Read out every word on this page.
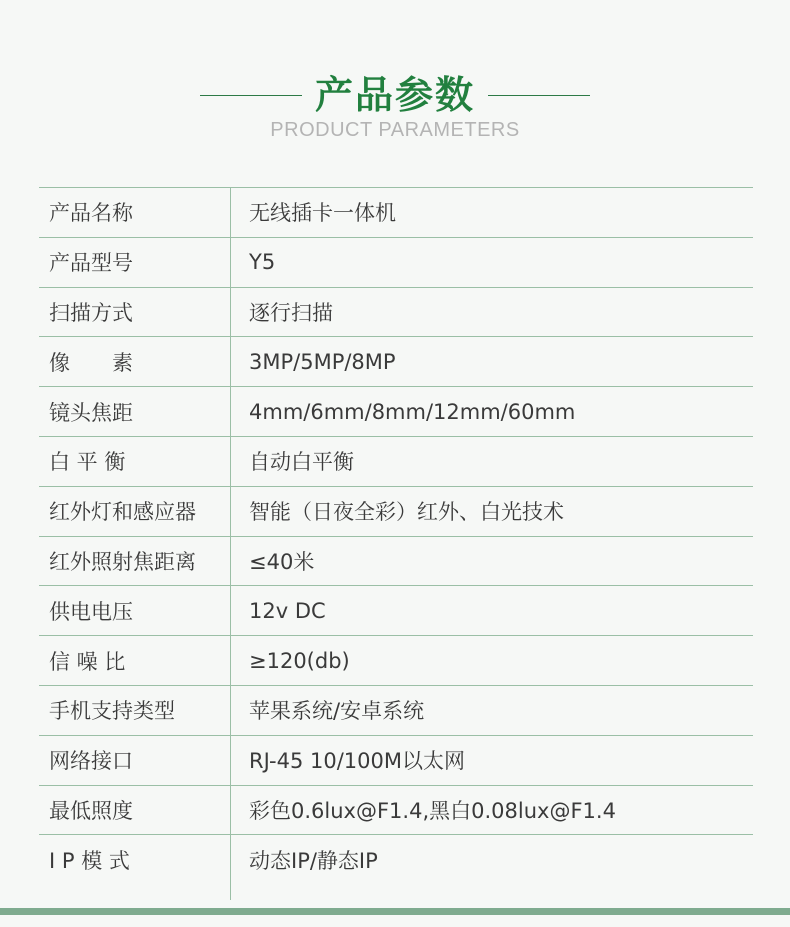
产品参数
PRODUCT PARAMETERS
产品名称	无线插卡一体机
产品型号	Y5
扫描方式	逐行扫描
像　　素	3MP/5MP/8MP
镜头焦距	4mm/6mm/8mm/12mm/60mm
白 平 衡	自动白平衡
红外灯和感应器	智能（日夜全彩）红外、白光技术
红外照射焦距离	≤40米
供电电压	12v DC
信 噪 比	≥120(db)
手机支持类型	苹果系统/安卓系统
网络接口	RJ-45 10/100M以太网
最低照度	彩色0.6lux@F1.4,黑白0.08lux@F1.4
I P 模 式	动态IP/静态IP
